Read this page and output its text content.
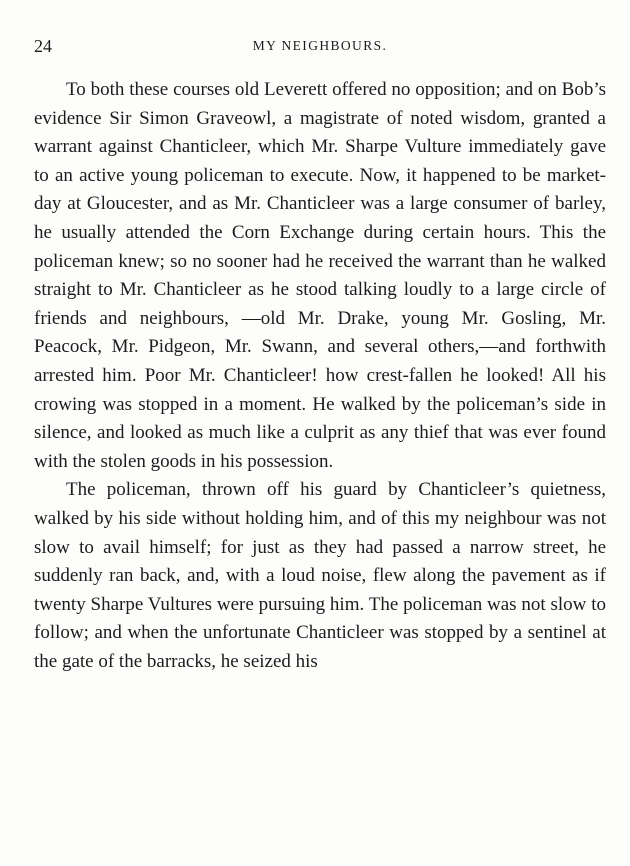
24	MY NEIGHBOURS.

To both these courses old Leverett offered no opposition; and on Bob’s evidence Sir Simon Graveowl, a magistrate of noted wisdom, granted a warrant against Chanticleer, which Mr. Sharpe Vulture immediately gave to an active young policeman to execute. Now, it happened to be market-day at Gloucester, and as Mr. Chanticleer was a large consumer of barley, he usually attended the Corn Exchange during certain hours. This the policeman knew; so no sooner had he received the warrant than he walked straight to Mr. Chanticleer as he stood talking loudly to a large circle of friends and neighbours, —old Mr. Drake, young Mr. Gosling, Mr. Peacock, Mr. Pidgeon, Mr. Swann, and several others,—and forthwith arrested him. Poor Mr. Chanticleer! how crest-fallen he looked! All his crowing was stopped in a moment. He walked by the policeman’s side in silence, and looked as much like a culprit as any thief that was ever found with the stolen goods in his possession.

The policeman, thrown off his guard by Chanticleer’s quietness, walked by his side without holding him, and of this my neighbour was not slow to avail himself; for just as they had passed a narrow street, he suddenly ran back, and, with a loud noise, flew along the pavement as if twenty Sharpe Vultures were pursuing him. The policeman was not slow to follow; and when the unfortunate Chanticleer was stopped by a sentinel at the gate of the barracks, he seized his
